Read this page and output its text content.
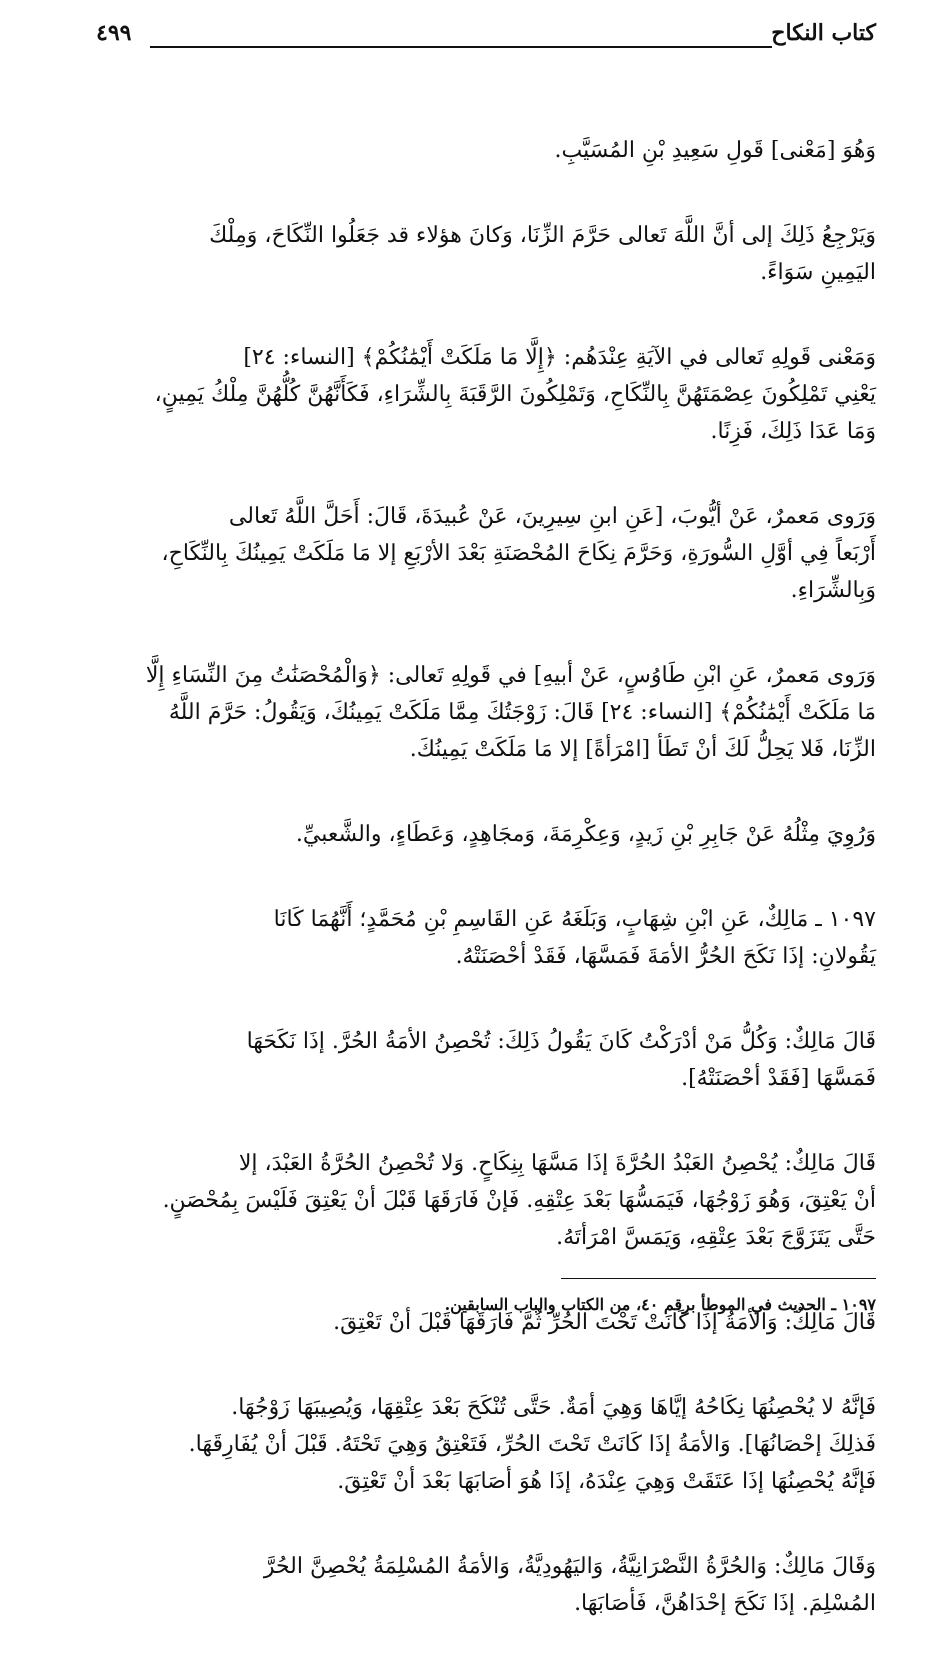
كتاب النكاح
٤٩٩

وَهُوَ [مَعْنى] قَولِ سَعِيدِ بْنِ المُسَيَّبِ.

وَيَرْجِعُ ذَلِكَ إلى أنَّ اللَّهَ تَعالى حَرَّمَ الزِّنَا، وَكانَ هؤلاء قد جَعَلُوا النِّكَاحَ، وَمِلْكَ
اليَمِينِ سَوَاءً.

وَمَعْنى قَولِهِ تَعالى في الآيَةِ عِنْدَهُم: ﴿إِلَّا مَا مَلَكَتْ أَيْمَٰنُكُمْ﴾ [النساء: ٢٤]
يَعْنِي تَمْلِكُونَ عِصْمَتَهُنَّ بِالنِّكَاحِ، وَتَمْلِكُونَ الرَّقَبَةَ بِالشِّرَاءِ، فَكَأَنَّهُنَّ كُلُّهُنَّ مِلْكُ يَمِينٍ،
وَمَا عَدَا ذَلِكَ، فَزِنًا.

وَرَوى مَعمرٌ، عَنْ أيُّوبَ، [عَنِ ابنِ سِيرِينَ، عَنْ عُبيدَةَ، قَالَ: أَحَلَّ اللَّهُ تَعالى
أَرْبَعاً فِي أوَّلِ السُّورَةِ، وَحَرَّمَ نِكَاحَ المُحْصَنَةِ بَعْدَ الأرْبَعِ إلا مَا مَلَكَتْ يَمِينُكَ بِالنِّكَاحِ،
وَبِالشِّرَاءِ.

وَرَوى مَعمرٌ، عَنِ ابْنِ طَاوُسٍ، عَنْ أبيهِ] في قَولِهِ تَعالى: ﴿وَالْمُحْصَنَٰتُ مِنَ النِّسَاءِ إِلَّا
مَا مَلَكَتْ أَيْمَٰنُكُمْ﴾ [النساء: ٢٤] قَالَ: زَوْجَتُكَ مِمَّا مَلَكَتْ يَمِينُكَ، وَيَقُولُ: حَرَّمَ اللَّهُ
الزِّنَا، فَلا يَحِلُّ لَكَ أنْ تَطَأ [امْرَأةً] إلا مَا مَلَكَتْ يَمِينُكَ.

وَرُوِيَ مِثْلُهُ عَنْ جَابِرِ بْنِ زَيدٍ، وَعِكْرِمَةَ، وَمجَاهِدٍ، وَعَطَاءٍ، والشَّعبيِّ.

١٠٩٧ ـ مَالِكٌ، عَنِ ابْنِ شِهَابٍ، وَبَلَغَهُ عَنِ القَاسِمِ بْنِ مُحَمَّدٍ؛ أَنَّهُمَا كَانَا
يَقُولانِ: إذَا نَكَحَ الحُرُّ الأمَةَ فَمَسَّهَا، فَقَدْ أحْصَنَتْهُ.

قَالَ مَالِكٌ: وَكُلُّ مَنْ أدْرَكْتُ كَانَ يَقُولُ ذَلِكَ: تُحْصِنُ الأمَةُ الحُرَّ. إذَا نَكَحَهَا
فَمَسَّهَا [فَقَدْ أحْصَنَتْهُ].

قَالَ مَالِكٌ: يُحْصِنُ العَبْدُ الحُرَّةَ إذَا مَسَّهَا بِنِكَاحٍ. وَلا تُحْصِنُ الحُرَّةُ العَبْدَ، إلا
أنْ يَعْتِقَ، وَهُوَ زَوْجُهَا، فَيَمَسُّهَا بَعْدَ عِتْقِهِ. فَإنْ فَارَقَهَا قَبْلَ أنْ يَعْتِقَ فَلَيْسَ بِمُحْصَنٍ.
حَتَّى يَتَزَوَّجَ بَعْدَ عِتْقِهِ، وَيَمَسَّ امْرَأتَهُ.

قَالَ مَالِكٌ: وَالأمَةُ إذَا كَانَتْ تَحْتَ الحُرِّ ثُمَّ فَارَقَهَا قَبْلَ أنْ تَعْتِقَ.

فَإنَّهُ لا يُحْصِنُهَا نِكَاحُهُ إيَّاهَا وَهِيَ أمَةٌ. حَتَّى تُنْكَحَ بَعْدَ عِتْقِهَا، وَيُصِيبَهَا زَوْجُهَا.
فَذلِكَ إحْصَانُهَا]. وَالأمَةُ إذَا كَانَتْ تَحْتَ الحُرِّ، فَتَعْتِقُ وَهِيَ تَحْتَهُ. قَبْلَ أنْ يُفَارِقَهَا.
فَإنَّهُ يُحْصِنُهَا إذَا عَتَقَتْ وَهِيَ عِنْدَهُ، إذَا هُوَ أصَابَهَا بَعْدَ أنْ تَعْتِقَ.

وَقَالَ مَالِكٌ: وَالحُرَّةُ النَّصْرَانِيَّةُ، وَاليَهُودِيَّةُ، وَالأمَةُ المُسْلِمَةُ يُحْصِنَّ الحُرَّ
المُسْلِمَ. إذَا نَكَحَ إحْدَاهُنَّ، فَأصَابَهَا.

١٠٩٧ ـ الحديث في الموطأ برقم ٤٠، من الكتاب والباب السابقين.
